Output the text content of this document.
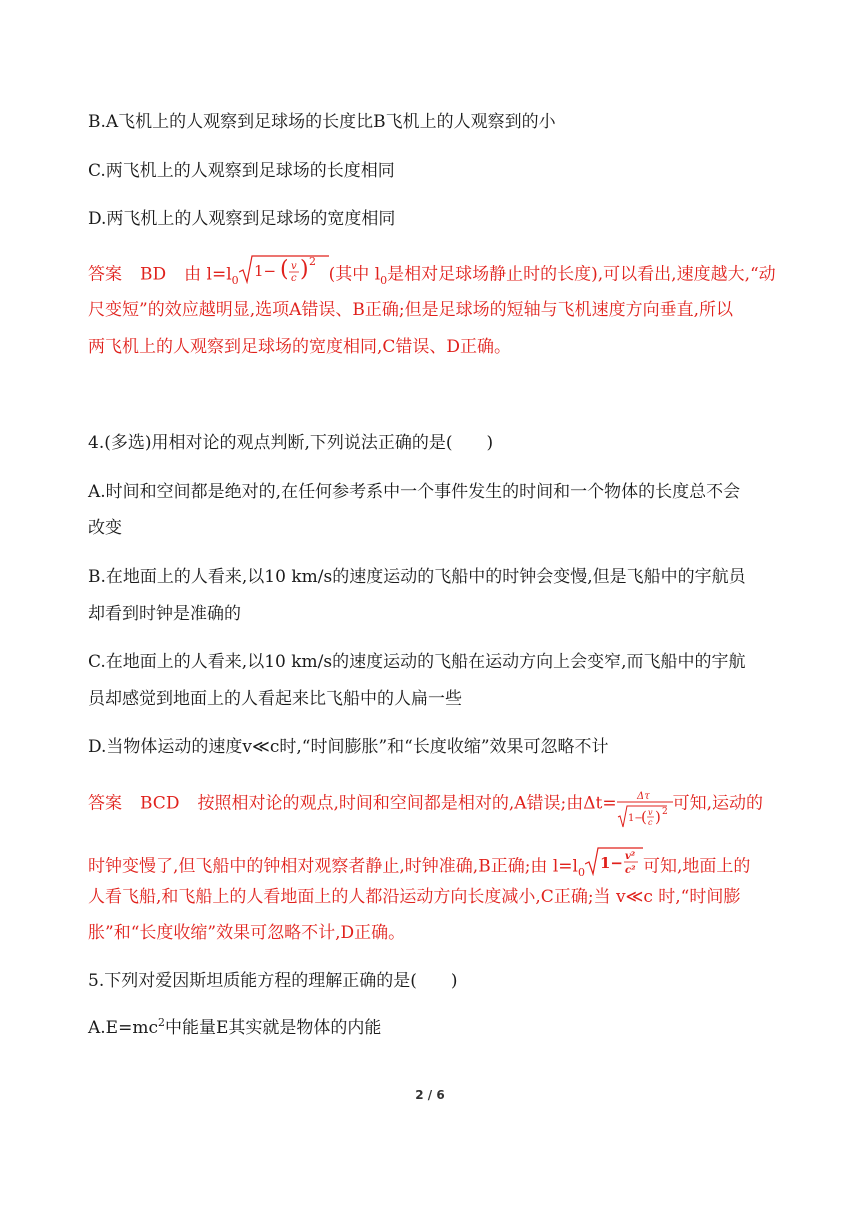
B.A飞机上的人观察到足球场的长度比B飞机上的人观察到的小
C.两飞机上的人观察到足球场的长度相同
D.两飞机上的人观察到足球场的宽度相同
答案 BD 由 $l=l_0$ 1− ( v
c ) 2
(其中 $l_0$是相对足球场静止时的长度),可以看出,速度越大,“动
尺变短”的效应越明显,选项A错误、B正确;但是足球场的短轴与飞机速度方向垂直,所以
两飞机上的人观察到足球场的宽度相同,C错误、D正确。
4.(多选)用相对论的观点判断,下列说法正确的是(　　)
A.时间和空间都是绝对的,在任何参考系中一个事件发生的时间和一个物体的长度总不会
改变
B.在地面上的人看来,以10 km/s的速度运动的飞船中的时钟会变慢,但是飞船中的宇航员
却看到时钟是准确的
C.在地面上的人看来,以10 km/s的速度运动的飞船在运动方向上会变窄,而飞船中的宇航
员却感觉到地面上的人看起来比飞船中的人扁一些
D.当物体运动的速度v≪c时,“时间膨胀”和“长度收缩”效果可忽略不计
答案 BCD 按照相对论的观点,时间和空间都是相对的,A错误;由Δt= Δτ
1−
( v
c ) 2 可知,运动的
时钟变慢了,但飞船中的钟相对观察者静止,时钟准确,B正确;由 $l=l_0$ 1− v²
c² 可知,地面上的
人看飞船,和飞船上的人看地面上的人都沿运动方向长度减小,C正确;当 v≪c 时,“时间膨
胀”和“长度收缩”效果可忽略不计,D正确。
5.下列对爱因斯坦质能方程的理解正确的是(　　)
$A.E=mc^2$中能量E其实就是物体的内能
2 / 6
